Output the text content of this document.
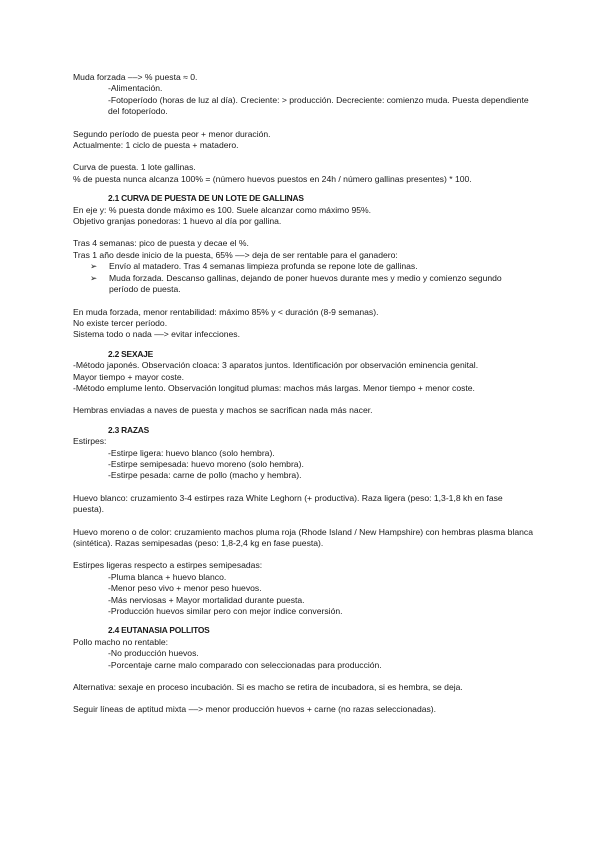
Muda forzada ––> % puesta ≈ 0.
-Alimentación.
-Fotoperíodo (horas de luz al día). Creciente: > producción. Decreciente: comienzo muda. Puesta dependiente del fotoperíodo.
Segundo período de puesta peor + menor duración.
Actualmente: 1 ciclo de puesta + matadero.
Curva de puesta. 1 lote gallinas.
% de puesta nunca alcanza 100% = (número huevos puestos en 24h / número gallinas presentes) * 100.
2.1 CURVA DE PUESTA DE UN LOTE DE GALLINAS
En eje y: % puesta donde máximo es 100. Suele alcanzar como máximo 95%.
Objetivo granjas ponedoras: 1 huevo al día por gallina.
Tras 4 semanas: pico de puesta y decae el %.
Tras 1 año desde inicio de la puesta, 65% ––> deja de ser rentable para el ganadero:
➢ Envío al matadero. Tras 4 semanas limpieza profunda se repone lote de gallinas.
➢ Muda forzada. Descanso gallinas, dejando de poner huevos durante mes y medio y comienzo segundo período de puesta.
En muda forzada, menor rentabilidad: máximo 85% y < duración (8-9 semanas).
No existe tercer período.
Sistema todo o nada ––> evitar infecciones.
2.2 SEXAJE
-Método japonés. Observación cloaca: 3 aparatos juntos. Identificación por observación eminencia genital.
Mayor tiempo + mayor coste.
-Método emplume lento. Observación longitud plumas: machos más largas. Menor tiempo + menor coste.
Hembras enviadas a naves de puesta y machos se sacrifican nada más nacer.
2.3 RAZAS
Estirpes:
-Estirpe ligera: huevo blanco (solo hembra).
-Estirpe semipesada: huevo moreno (solo hembra).
-Estirpe pesada: carne de pollo (macho y hembra).
Huevo blanco: cruzamiento 3-4 estirpes raza White Leghorn (+ productiva). Raza ligera (peso: 1,3-1,8 kh en fase puesta).
Huevo moreno o de color: cruzamiento machos pluma roja (Rhode Island / New Hampshire) con hembras plasma blanca (sintética). Razas semipesadas (peso: 1,8-2,4 kg en fase puesta).
Estirpes ligeras respecto a estirpes semipesadas:
-Pluma blanca + huevo blanco.
-Menor peso vivo + menor peso huevos.
-Más nerviosas + Mayor mortalidad durante puesta.
-Producción huevos similar pero con mejor índice conversión.
2.4 EUTANASIA POLLITOS
Pollo macho no rentable:
-No producción huevos.
-Porcentaje carne malo comparado con seleccionadas para producción.
Alternativa: sexaje en proceso incubación. Si es macho se retira de incubadora, si es hembra, se deja.
Seguir líneas de aptitud mixta ––> menor producción huevos + carne (no razas seleccionadas).
